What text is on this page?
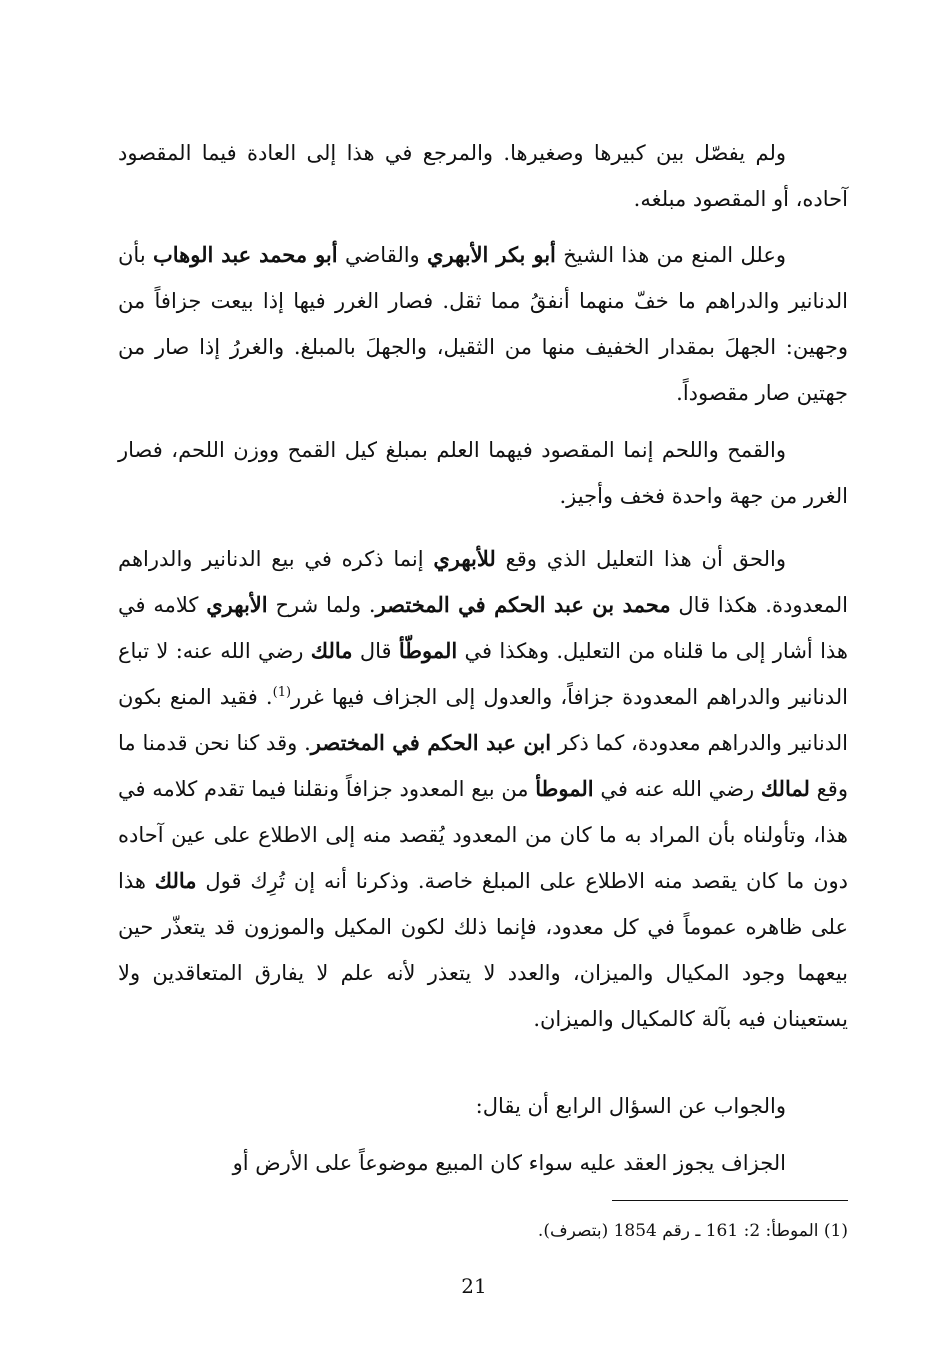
ولم يفصّل بين كبيرها وصغيرها. والمرجع في هذا إلى العادة فيما المقصود آحاده، أو المقصود مبلغه.

وعلل المنع من هذا الشيخ أبو بكر الأبهري والقاضي أبو محمد عبد الوهاب بأن الدنانير والدراهم ما خفّ منهما أنفقُ مما ثقل. فصار الغرر فيها إذا بيعت جزافاً من وجهين: الجهلَ بمقدار الخفيف منها من الثقيل، والجهلَ بالمبلغ. والغررُ إذا صار من جهتين صار مقصوداً.

والقمح واللحم إنما المقصود فيهما العلم بمبلغ كيل القمح ووزن اللحم، فصار الغرر من جهة واحدة فخف وأجيز.

والحق أن هذا التعليل الذي وقع للأبهري إنما ذكره في بيع الدنانير والدراهم المعدودة. هكذا قال محمد بن عبد الحكم في المختصر. ولما شرح الأبهري كلامه في هذا أشار إلى ما قلناه من التعليل. وهكذا في الموطّأ قال مالك رضي الله عنه: لا تباع الدنانير والدراهم المعدودة جزافاً، والعدول إلى الجزاف فيها غرر$^{(1)}$. فقيد المنع بكون الدنانير والدراهم معدودة، كما ذكر ابن عبد الحكم في المختصر. وقد كنا نحن قدمنا ما وقع لمالك رضي الله عنه في الموطأ من بيع المعدود جزافاً ونقلنا فيما تقدم كلامه في هذا، وتأولناه بأن المراد به ما كان من المعدود يُقصد منه إلى الاطلاع على عين آحاده دون ما كان يقصد منه الاطلاع على المبلغ خاصة. وذكرنا أنه إن تُرِك قول مالك هذا على ظاهره عموماً في كل معدود، فإنما ذلك لكون المكيل والموزون قد يتعذّر حين بيعهما وجود المكيال والميزان، والعدد لا يتعذر لأنه علم لا يفارق المتعاقدين ولا يستعينان فيه بآلة كالمكيال والميزان.

والجواب عن السؤال الرابع أن يقال:

الجزاف يجوز العقد عليه سواء كان المبيع موضوعاً على الأرض أو

(1) الموطأ: 2: 161 ـ رقم 1854 (بتصرف).
21
